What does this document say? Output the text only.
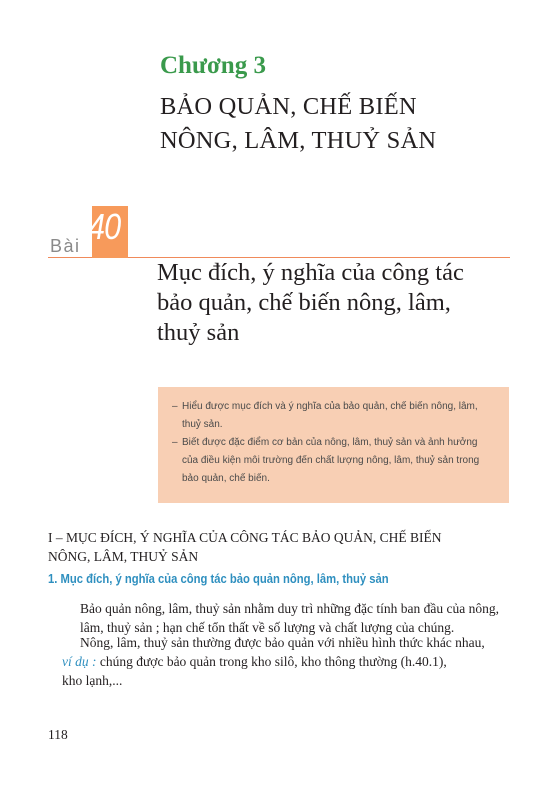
Chương 3
BẢO QUẢN, CHẾ BIẾN
NÔNG, LÂM, THUỶ SẢN
Bài 40
Mục đích, ý nghĩa của công tác
bảo quản, chế biến nông, lâm,
thuỷ sản
– Hiểu được mục đích và ý nghĩa của bảo quản, chế biến nông, lâm,
thuỷ sản.
– Biết được đặc điểm cơ bản của nông, lâm, thuỷ sản và ảnh hưởng
của điều kiện môi trường đến chất lượng nông, lâm, thuỷ sản trong
bảo quản, chế biến.
I – MỤC ĐÍCH, Ý NGHĨA CỦA CÔNG TÁC BẢO QUẢN, CHẾ BIẾN
NÔNG, LÂM, THUỶ SẢN
1. Mục đích, ý nghĩa của công tác bảo quản nông, lâm, thuỷ sản
Bảo quản nông, lâm, thuỷ sản nhằm duy trì những đặc tính ban đầu của nông,
lâm, thuỷ sản ; hạn chế tổn thất về số lượng và chất lượng của chúng.
Nông, lâm, thuỷ sản thường được bảo quản với nhiều hình thức khác nhau,
ví dụ : chúng được bảo quản trong kho silô, kho thông thường (h.40.1),
kho lạnh,...
118
